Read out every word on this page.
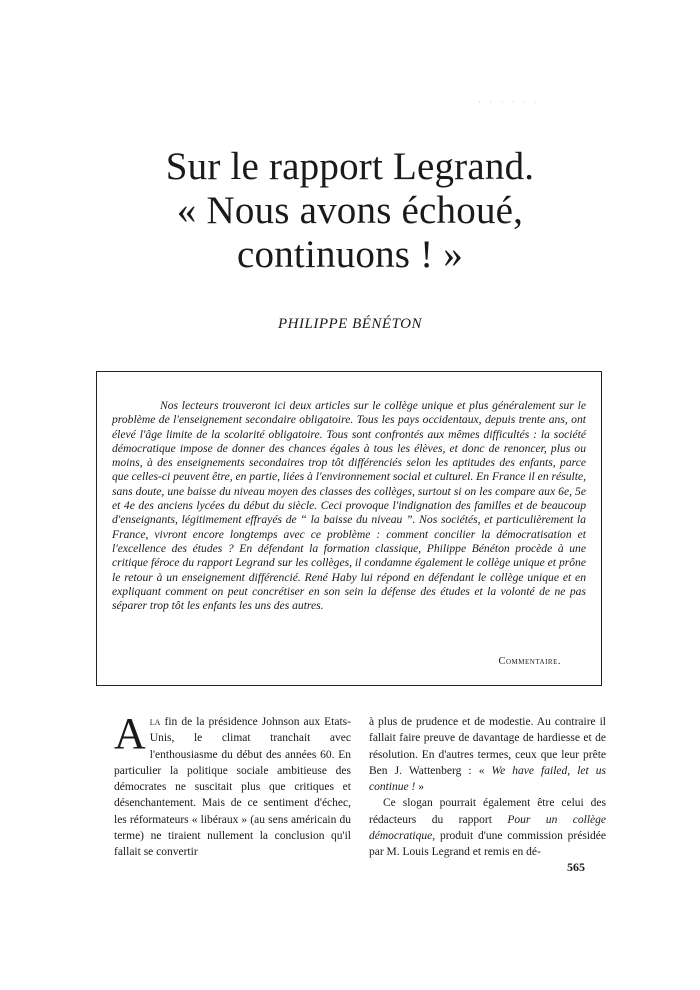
· · · · · ·
Sur le rapport Legrand.
« Nous avons échoué,
continuons ! »
PHILIPPE BÉNÉTON

Nos lecteurs trouveront ici deux articles sur le collège unique et plus généralement sur le problème de l'enseignement secondaire obligatoire. Tous les pays occidentaux, depuis trente ans, ont élevé l'âge limite de la scolarité obligatoire. Tous sont confrontés aux mêmes difficultés : la société démocratique impose de donner des chances égales à tous les élèves, et donc de renoncer, plus ou moins, à des enseignements secondaires trop tôt différenciés selon les aptitudes des enfants, parce que celles-ci peuvent être, en partie, liées à l'environnement social et culturel. En France il en résulte, sans doute, une baisse du niveau moyen des classes des collèges, surtout si on les compare aux 6e, 5e et 4e des anciens lycées du début du siècle. Ceci provoque l'indignation des familles et de beaucoup d'enseignants, légitimement effrayés de “ la baisse du niveau ”. Nos sociétés, et particulièrement la France, vivront encore longtemps avec ce problème : comment concilier la démocratisation et l'excellence des études ? En défendant la formation classique, Philippe Bénéton procède à une critique féroce du rapport Legrand sur les collèges, il condamne également le collège unique et prône le retour à un enseignement différencié. René Haby lui répond en défendant le collège unique et en expliquant comment on peut concrétiser en son sein la défense des études et la volonté de ne pas séparer trop tôt les enfants les uns des autres.

Commentaire.

Ala fin de la présidence Johnson aux Etats-Unis, le climat tranchait avec l'enthousiasme du début des années 60. En particulier la politique sociale ambitieuse des démocrates ne suscitait plus que critiques et désenchantement. Mais de ce sentiment d'échec, les réformateurs « libéraux » (au sens américain du terme) ne tiraient nullement la conclusion qu'il fallait se convertir

à plus de prudence et de modestie. Au contraire il fallait faire preuve de davantage de hardiesse et de résolution. En d'autres termes, ceux que leur prête Ben J. Wattenberg : « We have failed, let us continue ! »

Ce slogan pourrait également être celui des rédacteurs du rapport Pour un collège démocratique, produit d'une commission présidée par M. Louis Legrand et remis en dé-

565
